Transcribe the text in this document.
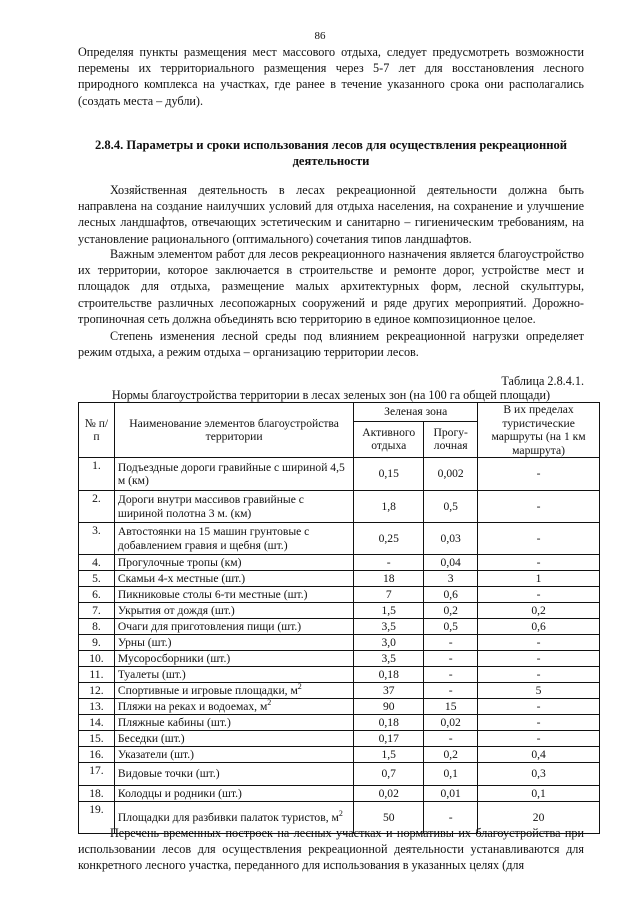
86

Определяя пункты размещения мест массового отдыха, следует предусмотреть возможности перемены их территориального размещения через 5-7 лет для восстановления лесного природного комплекса на участках, где ранее в течение указанного срока они располагались (создать места – дубли).

2.8.4. Параметры и сроки использования лесов для осуществления рекреационной деятельности

Хозяйственная деятельность в лесах рекреационной деятельности должна быть направлена на создание наилучших условий для отдыха населения, на сохранение и улучшение лесных ландшафтов, отвечающих эстетическим и санитарно – гигиеническим требованиям, на установление рационального (оптимального) сочетания типов ландшафтов.

Важным элементом работ для лесов рекреационного назначения является благоустройство их территории, которое заключается в строительстве и ремонте дорог, устройстве мест и площадок для отдыха, размещение малых архитектурных форм, лесной скульптуры, строительстве различных лесопожарных сооружений и ряде других мероприятий. Дорожно-тропиночная сеть должна объединять всю территорию в единое композиционное целое.

Степень изменения лесной среды под влиянием рекреационной нагрузки определяет режим отдыха, а режим отдыха – организацию территории лесов.

Таблица 2.8.4.1.
Нормы благоустройства территории в лесах зеленых зон (на 100 га общей площади)
№ п/п	Наименование элементов благоустройства территории	Зеленая зона		В их пределах туристические маршруты (на 1 км маршрута)
		Активного отдыха	Прогу-лочная	
1.	Подъездные дороги гравийные с шириной 4,5 м (км)	0,15	0,002	-
2.	Дороги внутри массивов гравийные с шириной полотна 3 м. (км)	1,8	0,5	-
3.	Автостоянки на 15 машин грунтовые с добавлением гравия и щебня (шт.)	0,25	0,03	-
4.	Прогулочные тропы (км)	-	0,04	-
5.	Скамьи 4-х местные (шт.)	18	3	1
6.	Пикниковые столы 6-ти местные (шт.)	7	0,6	-
7.	Укрытия от дождя (шт.)	1,5	0,2	0,2
8.	Очаги для приготовления пищи (шт.)	3,5	0,5	0,6
9.	Урны (шт.)	3,0	-	-
10.	Мусоросборники (шт.)	3,5	-	-
11.	Туалеты (шт.)	0,18	-	-
12.	Спортивные и игровые площадки, $м^2$	37	-	5
13.	Пляжи на реках и водоемах, $м^2$	90	15	-
14.	Пляжные кабины (шт.)	0,18	0,02	-
15.	Беседки (шт.)	0,17	-	-
16.	Указатели (шт.)	1,5	0,2	0,4
17.	Видовые точки (шт.)	0,7	0,1	0,3
18.	Колодцы и родники (шт.)	0,02	0,01	0,1
19.	Площадки для разбивки палаток туристов, $м^2$	50	-	20

Перечень временных построек на лесных участках и нормативы их благоустройства при использовании лесов для осуществления рекреационной деятельности устанавливаются для конкретного лесного участка, переданного для использования в указанных целях (для
